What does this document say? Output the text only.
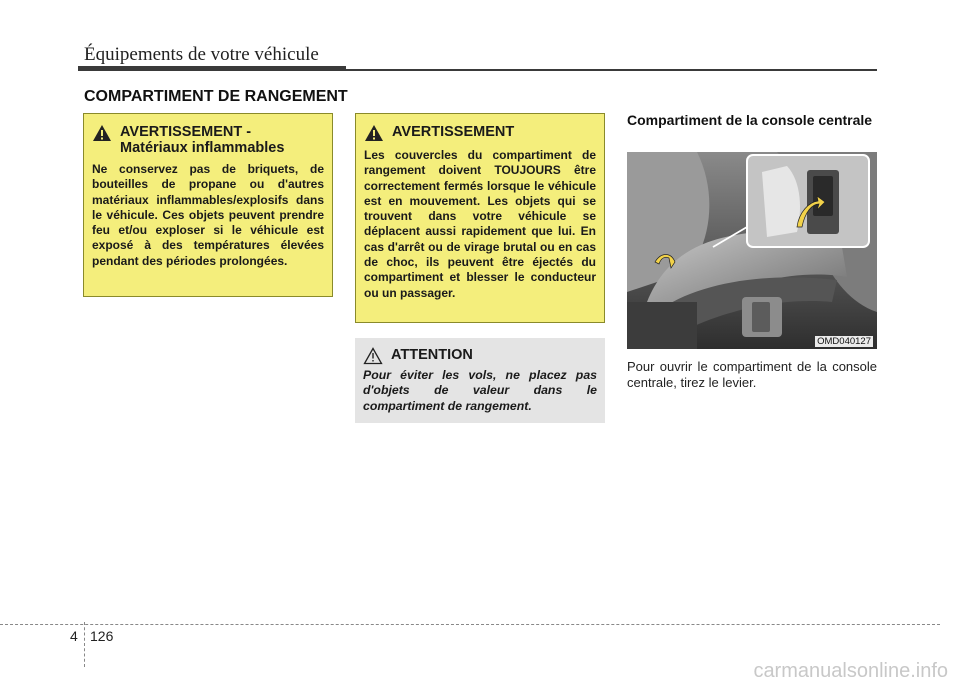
Équipements de votre véhicule
COMPARTIMENT DE RANGEMENT
AVERTISSEMENT -
Matériaux inflammables
Ne conservez pas de briquets, de bouteilles de propane ou d'autres matériaux inflammables/explosifs dans le véhicule. Ces objets peuvent prendre feu et/ou exploser si le véhicule est exposé à des températures élevées pendant des périodes prolongées.
AVERTISSEMENT
Les couvercles du compartiment de rangement doivent TOUJOURS être correctement fermés lorsque le véhicule est en mouvement. Les objets qui se trouvent dans votre véhicule se déplacent aussi rapidement que lui. En cas d'arrêt ou de virage brutal ou en cas de choc, ils peuvent être éjectés du compartiment et blesser le conducteur ou un passager.
ATTENTION
Pour éviter les vols, ne placez pas d'objets de valeur dans le compartiment de rangement.
Compartiment de la console centrale
OMD040127
Pour ouvrir le compartiment de la console centrale, tirez le levier.
4 126
carmanualsonline.info
